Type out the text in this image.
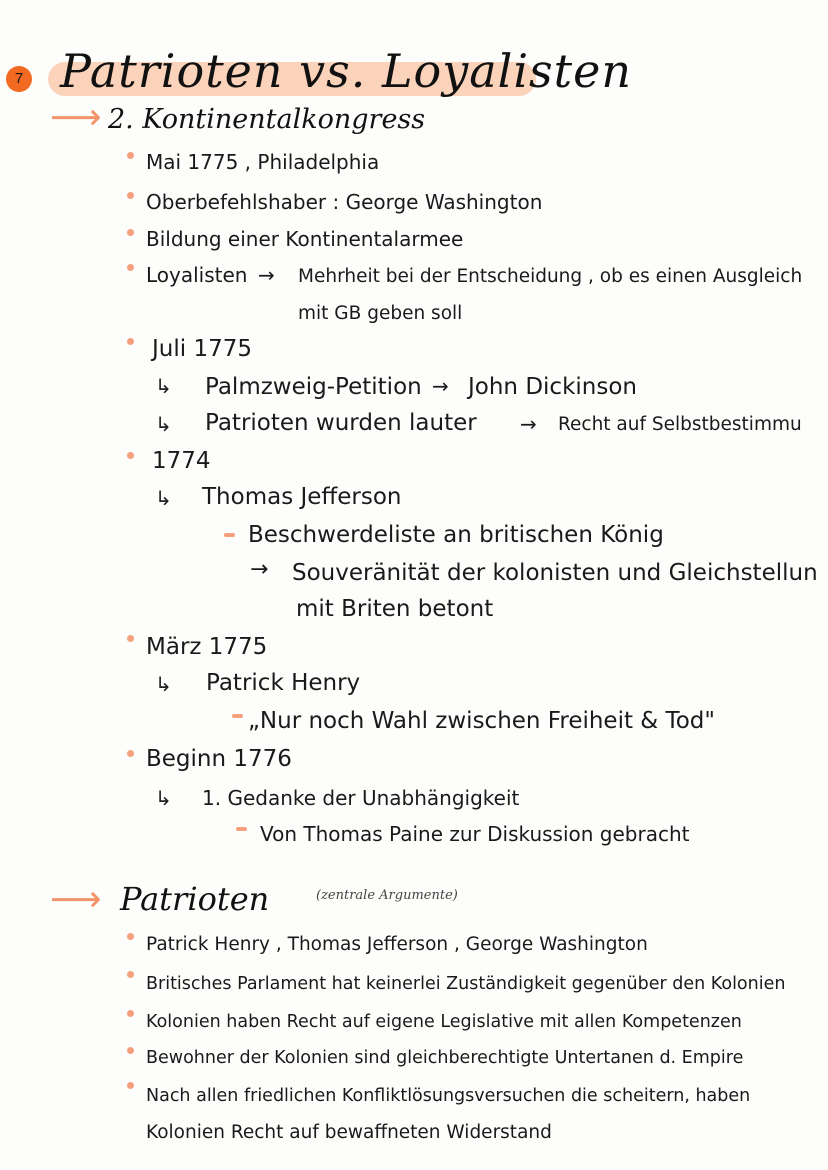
7 Patrioten vs. Loyalisten
⟶ 2. Kontinentalkongress
Mai 1775 , Philadelphia
Oberbefehlshaber : George Washington
Bildung einer Kontinentalarmee
Loyalisten → Mehrheit bei der Entscheidung , ob es einen Ausgleich
mit GB geben soll
Juli 1775
↳ Palmzweig-Petition → John Dickinson
↳ Patrioten wurden lauter → Recht auf Selbstbestimmu
1774
↳ Thomas Jefferson
Beschwerdeliste an britischen König
→ Souveränität der kolonisten und Gleichstellun
mit Briten betont
März 1775
↳ Patrick Henry
„Nur noch Wahl zwischen Freiheit & Tod"
Beginn 1776
↳ 1. Gedanke der Unabhängigkeit
Von Thomas Paine zur Diskussion gebracht
⟶ Patrioten	(zentrale Argumente)
Patrick Henry , Thomas Jefferson , George Washington
Britisches Parlament hat keinerlei Zuständigkeit gegenüber den Kolonien
Kolonien haben Recht auf eigene Legislative mit allen Kompetenzen
Bewohner der Kolonien sind gleichberechtigte Untertanen d. Empire
Nach allen friedlichen Konfliktlösungsversuchen die scheitern, haben
Kolonien Recht auf bewaffneten Widerstand
